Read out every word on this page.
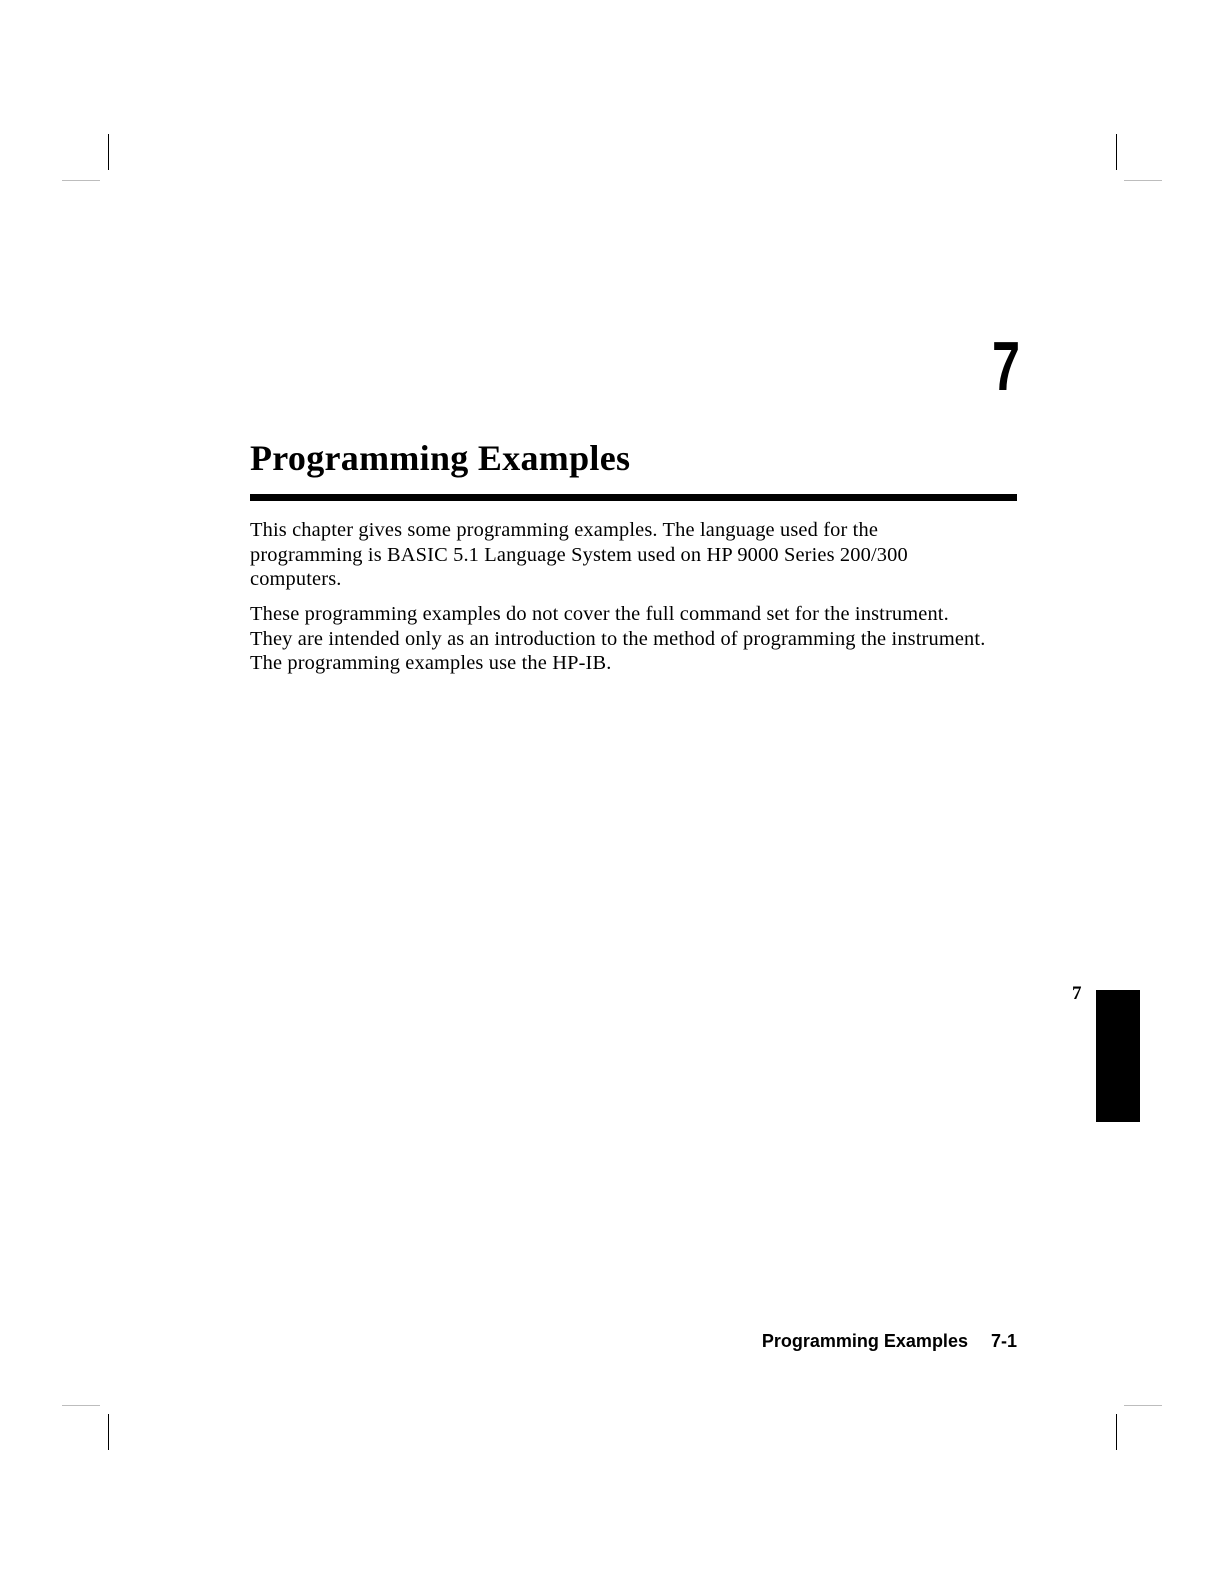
7
Programming Examples

This chapter gives some programming examples. The language used for the programming is BASIC 5.1 Language System used on HP 9000 Series 200/300 computers.

These programming examples do not cover the full command set for the instrument. They are intended only as an introduction to the method of programming the instrument. The programming examples use the HP-IB.

7
Programming Examples 7-1
